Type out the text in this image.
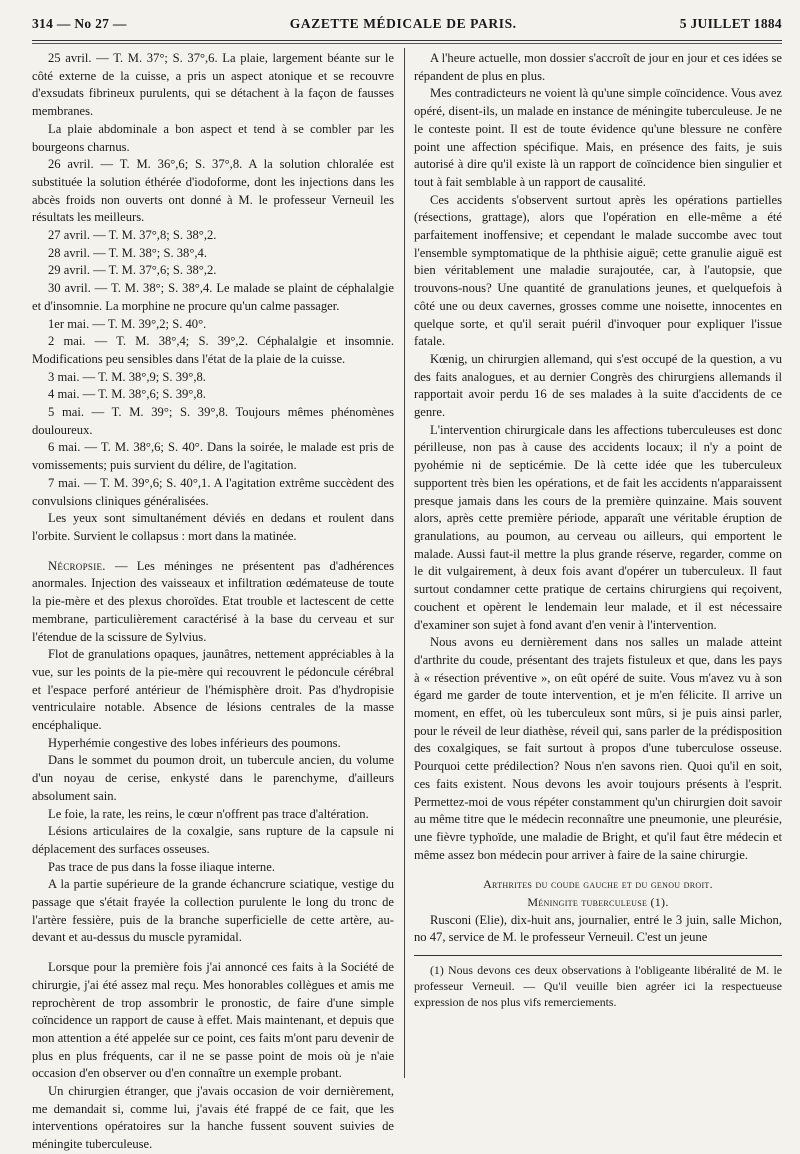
314 — No 27 —	GAZETTE MÉDICALE DE PARIS.	5 JUILLET 1884

25 avril. — T. M. 37°; S. 37°,6. La plaie, largement béante sur le côté externe de la cuisse, a pris un aspect atonique et se recouvre d'exsudats fibrineux purulents, qui se détachent à la façon de fausses membranes.

La plaie abdominale a bon aspect et tend à se combler par les bourgeons charnus.

26 avril. — T. M. 36°,6; S. 37°,8. A la solution chloralée est substituée la solution éthérée d'iodoforme, dont les injections dans les abcès froids non ouverts ont donné à M. le professeur Verneuil les résultats les meilleurs.

27 avril. — T. M. 37°,8; S. 38°,2.

28 avril. — T. M. 38°; S. 38°,4.

29 avril. — T. M. 37°,6; S. 38°,2.

30 avril. — T. M. 38°; S. 38°,4. Le malade se plaint de céphalalgie et d'insomnie. La morphine ne procure qu'un calme passager.

1er mai. — T. M. 39°,2; S. 40°.

2 mai. — T. M. 38°,4; S. 39°,2. Céphalalgie et insomnie. Modifications peu sensibles dans l'état de la plaie de la cuisse.

3 mai. — T. M. 38°,9; S. 39°,8.

4 mai. — T. M. 38°,6; S. 39°,8.

5 mai. — T. M. 39°; S. 39°,8. Toujours mêmes phénomènes douloureux.

6 mai. — T. M. 38°,6; S. 40°. Dans la soirée, le malade est pris de vomissements; puis survient du délire, de l'agitation.

7 mai. — T. M. 39°,6; S. 40°,1. A l'agitation extrême succèdent des convulsions cliniques généralisées.

Les yeux sont simultanément déviés en dedans et roulent dans l'orbite. Survient le collapsus : mort dans la matinée.

Nécropsie. — Les méninges ne présentent pas d'adhérences anormales. Injection des vaisseaux et infiltration œdémateuse de toute la pie-mère et des plexus choroïdes. Etat trouble et lactescent de cette membrane, particulièrement caractérisé à la base du cerveau et sur l'étendue de la scissure de Sylvius.

Flot de granulations opaques, jaunâtres, nettement appréciables à la vue, sur les points de la pie-mère qui recouvrent le pédoncule cérébral et l'espace perforé antérieur de l'hémisphère droit. Pas d'hydropisie ventriculaire notable. Absence de lésions centrales de la masse encéphalique.

Hyperhémie congestive des lobes inférieurs des poumons.

Dans le sommet du poumon droit, un tubercule ancien, du volume d'un noyau de cerise, enkysté dans le parenchyme, d'ailleurs absolument sain.

Le foie, la rate, les reins, le cœur n'offrent pas trace d'altération.

Lésions articulaires de la coxalgie, sans rupture de la capsule ni déplacement des surfaces osseuses.

Pas trace de pus dans la fosse iliaque interne.

A la partie supérieure de la grande échancrure sciatique, vestige du passage que s'était frayée la collection purulente le long du tronc de l'artère fessière, puis de la branche superficielle de cette artère, au-devant et au-dessus du muscle pyramidal.

Lorsque pour la première fois j'ai annoncé ces faits à la Société de chirurgie, j'ai été assez mal reçu. Mes honorables collègues et amis me reprochèrent de trop assombrir le pronostic, de faire d'une simple coïncidence un rapport de cause à effet. Mais maintenant, et depuis que mon attention a été appelée sur ce point, ces faits m'ont paru devenir de plus en plus fréquents, car il ne se passe point de mois où je n'aie occasion d'en observer ou d'en connaître un exemple probant.

Un chirurgien étranger, que j'avais occasion de voir dernièrement, me demandait si, comme lui, j'avais été frappé de ce fait, que les interventions opératoires sur la hanche fussent souvent suivies de méningite tuberculeuse.

A l'heure actuelle, mon dossier s'accroît de jour en jour et ces idées se répandent de plus en plus.

Mes contradicteurs ne voient là qu'une simple coïncidence. Vous avez opéré, disent-ils, un malade en instance de méningite tuberculeuse. Je ne le conteste point. Il est de toute évidence qu'une blessure ne confère point une affection spécifique. Mais, en présence des faits, je suis autorisé à dire qu'il existe là un rapport de coïncidence bien singulier et tout à fait semblable à un rapport de causalité.

Ces accidents s'observent surtout après les opérations partielles (résections, grattage), alors que l'opération en elle-même a été parfaitement inoffensive; et cependant le malade succombe avec tout l'ensemble symptomatique de la phthisie aiguë; cette granulie aiguë est bien véritablement une maladie surajoutée, car, à l'autopsie, que trouvons-nous? Une quantité de granulations jeunes, et quelquefois à côté une ou deux cavernes, grosses comme une noisette, innocentes en quelque sorte, et qu'il serait puéril d'invoquer pour expliquer l'issue fatale.

Kœnig, un chirurgien allemand, qui s'est occupé de la question, a vu des faits analogues, et au dernier Congrès des chirurgiens allemands il rapportait avoir perdu 16 de ses malades à la suite d'accidents de ce genre.

L'intervention chirurgicale dans les affections tuberculeuses est donc périlleuse, non pas à cause des accidents locaux; il n'y a point de pyohémie ni de septicémie. De là cette idée que les tuberculeux supportent très bien les opérations, et de fait les accidents n'apparaissent presque jamais dans les cours de la première quinzaine. Mais souvent alors, après cette première période, apparaît une véritable éruption de granulations, au poumon, au cerveau ou ailleurs, qui emportent le malade. Aussi faut-il mettre la plus grande réserve, regarder, comme on le dit vulgairement, à deux fois avant d'opérer un tuberculeux. Il faut surtout condamner cette pratique de certains chirurgiens qui reçoivent, couchent et opèrent le lendemain leur malade, et il est nécessaire d'examiner son sujet à fond avant d'en venir à l'intervention.

Nous avons eu dernièrement dans nos salles un malade atteint d'arthrite du coude, présentant des trajets fistuleux et que, dans les pays à « résection préventive », on eût opéré de suite. Vous m'avez vu à son égard me garder de toute intervention, et je m'en félicite. Il arrive un moment, en effet, où les tuberculeux sont mûrs, si je puis ainsi parler, pour le réveil de leur diathèse, réveil qui, sans parler de la prédisposition des coxalgiques, se fait surtout à propos d'une tuberculose osseuse. Pourquoi cette prédilection? Nous n'en savons rien. Quoi qu'il en soit, ces faits existent. Nous devons les avoir toujours présents à l'esprit. Permettez-moi de vous répéter constamment qu'un chirurgien doit savoir au même titre que le médecin reconnaître une pneumonie, une pleurésie, une fièvre typhoïde, une maladie de Bright, et qu'il faut être médecin et même assez bon médecin pour arriver à faire de la saine chirurgie.

Arthrites du coude gauche et du genou droit.

Méningite tuberculeuse (1).

Rusconi (Elie), dix-huit ans, journalier, entré le 3 juin, salle Michon, no 47, service de M. le professeur Verneuil. C'est un jeune

(1) Nous devons ces deux observations à l'obligeante libéralité de M. le professeur Verneuil. — Qu'il veuille bien agréer ici la respectueuse expression de nos plus vifs remerciements.
